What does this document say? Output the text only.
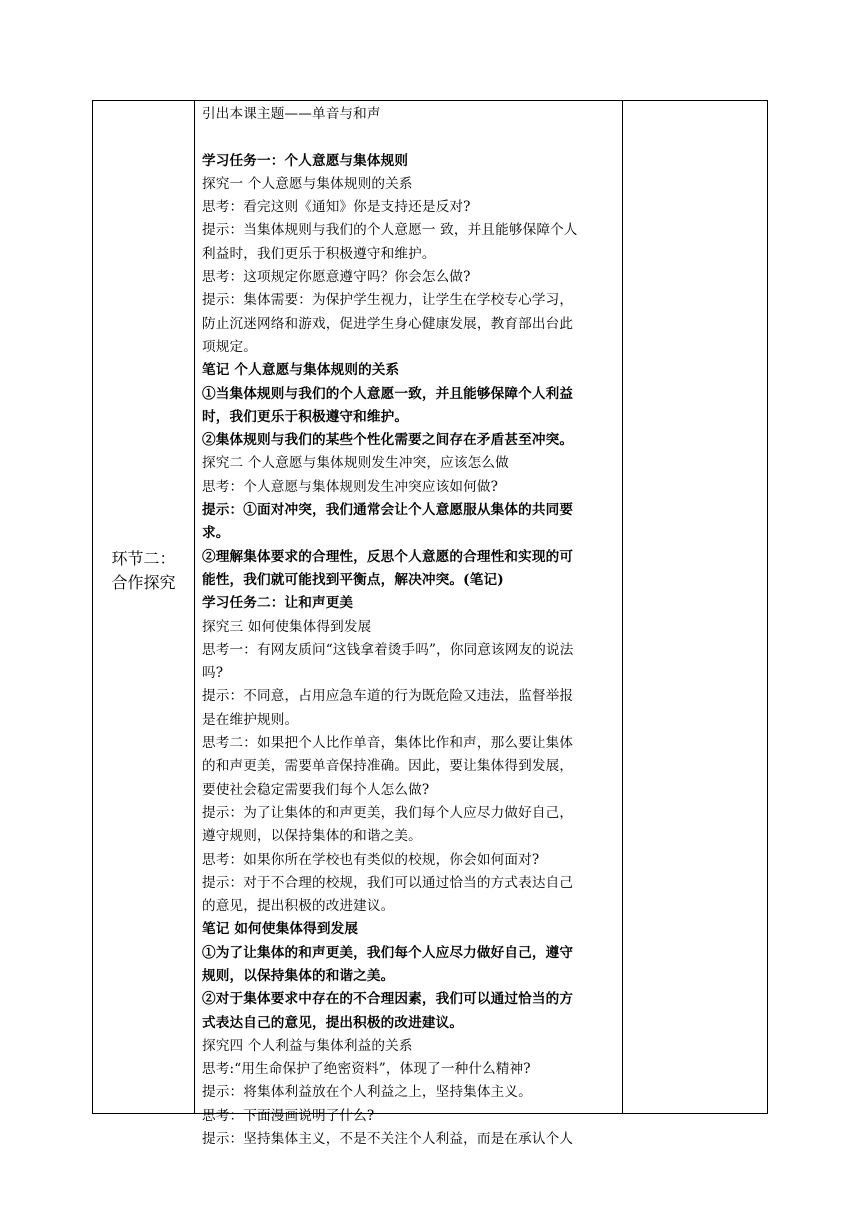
环节二：
合作探究
引出本课主题——单音与和声
学习任务一：个人意愿与集体规则
探究一 个人意愿与集体规则的关系
思考：看完这则《通知》你是支持还是反对?
提示：当集体规则与我们的个人意愿一 致，并且能够保障个人
利益时，我们更乐于积极遵守和维护。
思考：这项规定你愿意遵守吗？你会怎么做?
提示：集体需要：为保护学生视力，让学生在学校专心学习，
防止沉迷网络和游戏，促进学生身心健康发展，教育部出台此
项规定。
笔记 个人意愿与集体规则的关系
①当集体规则与我们的个人意愿一致，并且能够保障个人利益
时，我们更乐于积极遵守和维护。
②集体规则与我们的某些个性化需要之间存在矛盾甚至冲突。
探究二 个人意愿与集体规则发生冲突，应该怎么做
思考：个人意愿与集体规则发生冲突应该如何做?
提示：①面对冲突，我们通常会让个人意愿服从集体的共同要
求。
②理解集体要求的合理性，反思个人意愿的合理性和实现的可
能性，我们就可能找到平衡点，解决冲突。(笔记)
学习任务二：让和声更美
探究三 如何使集体得到发展
思考一：有网友质问“这钱拿着烫手吗”，你同意该网友的说法
吗?
提示：不同意，占用应急车道的行为既危险又违法，监督举报
是在维护规则。
思考二：如果把个人比作单音，集体比作和声，那么要让集体
的和声更美，需要单音保持准确。因此，要让集体得到发展，
要使社会稳定需要我们每个人怎么做?
提示：为了让集体的和声更美，我们每个人应尽力做好自己，
遵守规则，以保持集体的和谐之美。
思考：如果你所在学校也有类似的校规，你会如何面对?
提示：对于不合理的校规，我们可以通过恰当的方式表达自己
的意见，提出积极的改进建议。
笔记 如何使集体得到发展
①为了让集体的和声更美，我们每个人应尽力做好自己，遵守
规则，以保持集体的和谐之美。
②对于集体要求中存在的不合理因素，我们可以通过恰当的方
式表达自己的意见，提出积极的改进建议。
探究四 个人利益与集体利益的关系
思考:“用生命保护了绝密资料”，体现了一种什么精神?
提示：将集体利益放在个人利益之上，坚持集体主义。
思考：下面漫画说明了什么?
提示：坚持集体主义，不是不关注个人利益，而是在承认个人
